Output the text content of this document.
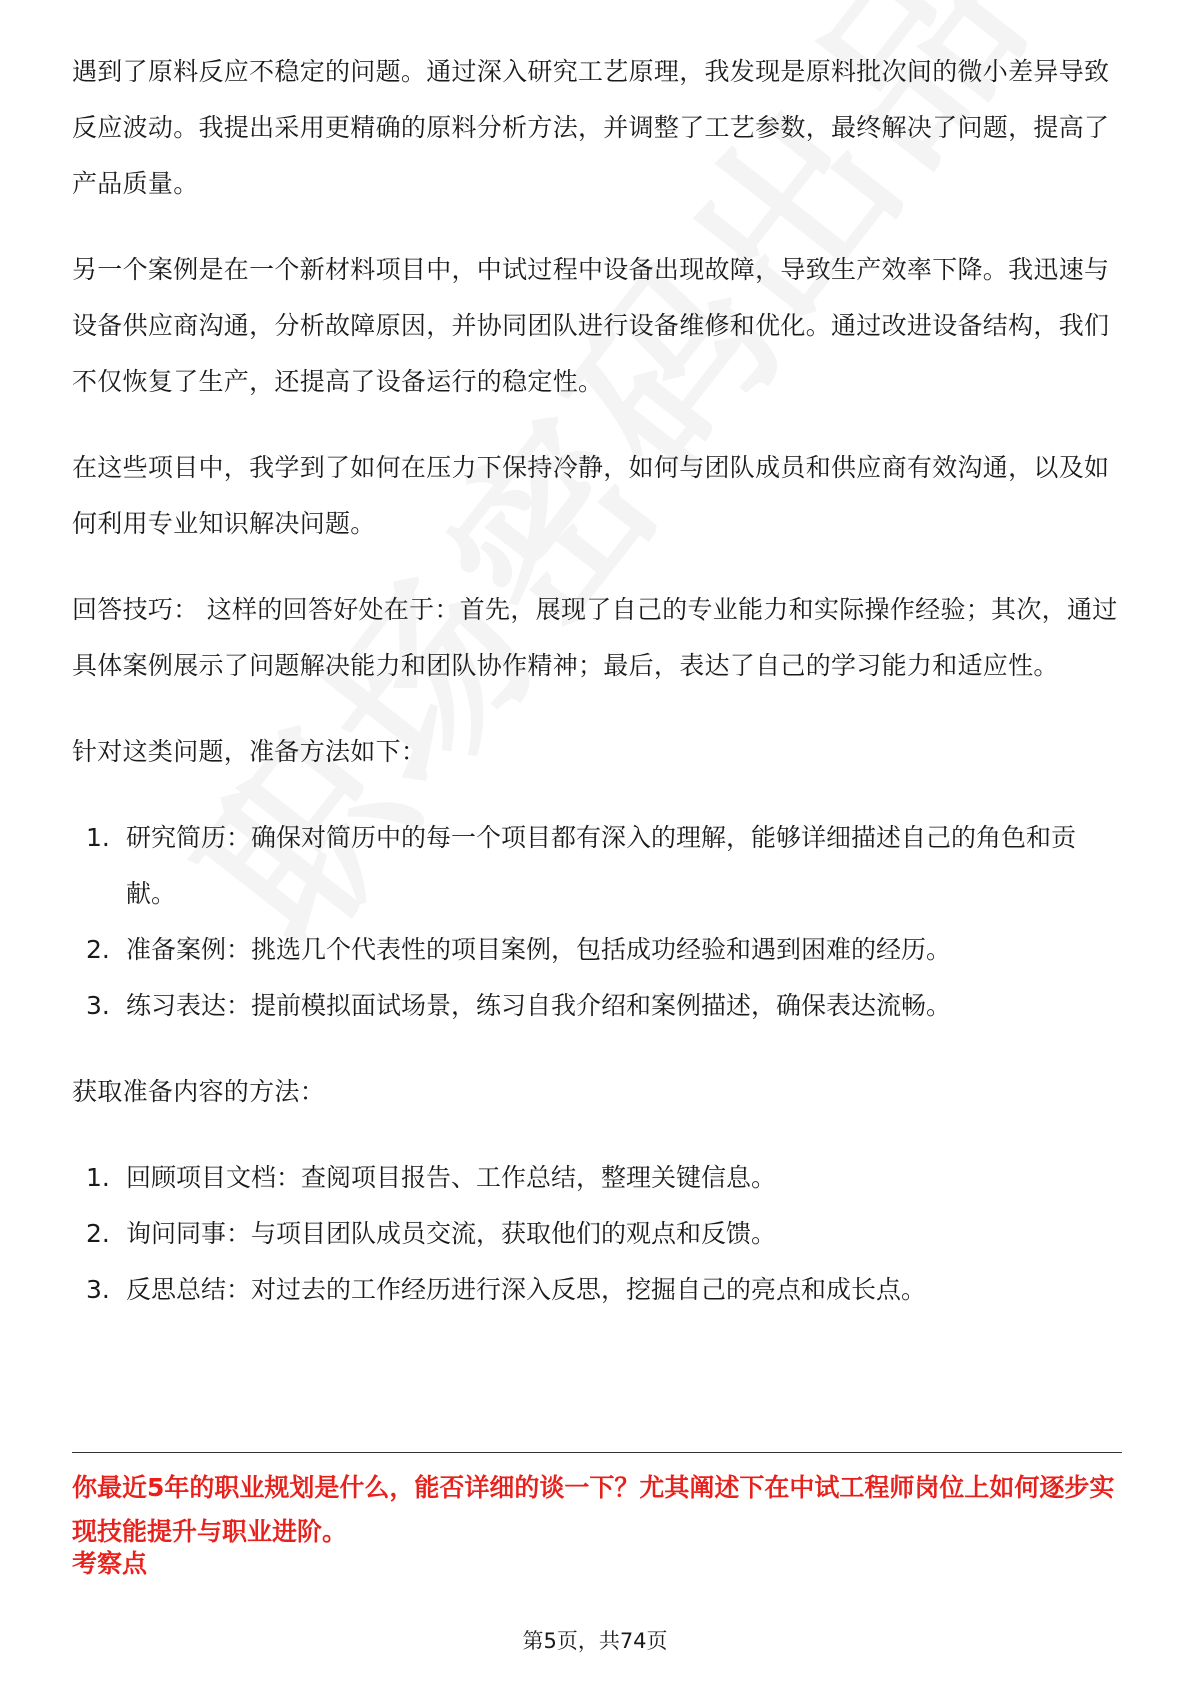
遇到了原料反应不稳定的问题。通过深入研究工艺原理，我发现是原料批次间的微小差异导致反应波动。我提出采用更精确的原料分析方法，并调整了工艺参数，最终解决了问题，提高了产品质量。

另一个案例是在一个新材料项目中，中试过程中设备出现故障，导致生产效率下降。我迅速与设备供应商沟通，分析故障原因，并协同团队进行设备维修和优化。通过改进设备结构，我们不仅恢复了生产，还提高了设备运行的稳定性。

在这些项目中，我学到了如何在压力下保持冷静，如何与团队成员和供应商有效沟通，以及如何利用专业知识解决问题。

回答技巧： 这样的回答好处在于：首先，展现了自己的专业能力和实际操作经验；其次，通过具体案例展示了问题解决能力和团队协作精神；最后，表达了自己的学习能力和适应性。

针对这类问题，准备方法如下：

1. 研究简历：确保对简历中的每一个项目都有深入的理解，能够详细描述自己的角色和贡献。
2. 准备案例：挑选几个代表性的项目案例，包括成功经验和遇到困难的经历。
3. 练习表达：提前模拟面试场景，练习自我介绍和案例描述，确保表达流畅。

获取准备内容的方法：

1. 回顾项目文档：查阅项目报告、工作总结，整理关键信息。
2. 询问同事：与项目团队成员交流，获取他们的观点和反馈。
3. 反思总结：对过去的工作经历进行深入反思，挖掘自己的亮点和成长点。

你最近5年的职业规划是什么，能否详细的谈一下？尤其阐述下在中试工程师岗位上如何逐步实现技能提升与职业进阶。

考察点

第5页，共74页
